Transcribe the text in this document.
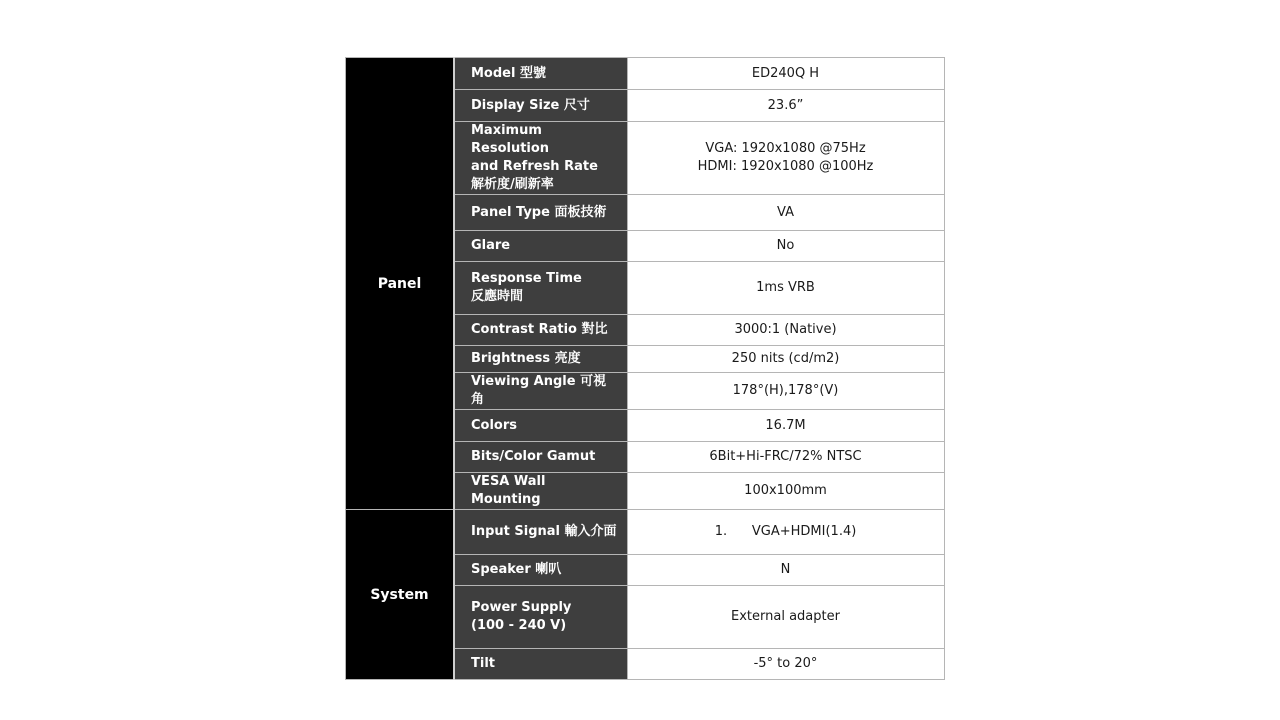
Panel	Model 型號	ED240Q H
	Display Size 尺寸	23.6”
	Maximum Resolution
and Refresh Rate
解析度/刷新率	VGA: 1920x1080 @75Hz
HDMI: 1920x1080 @100Hz
	Panel Type 面板技術	VA
	Glare	No
	Response Time
反應時間	1ms VRB
	Contrast Ratio 對比	3000:1 (Native)
	Brightness 亮度	250 nits (cd/m2)
	Viewing Angle 可視角	178°(H),178°(V)
	Colors	16.7M
	Bits/Color Gamut	6Bit+Hi-FRC/72% NTSC
	VESA Wall Mounting	100x100mm
System	Input Signal 輸入介面	1.      VGA+HDMI(1.4)
	Speaker 喇叭	N
	Power Supply
(100 - 240 V)	External adapter
	Tilt	-5° to 20°
